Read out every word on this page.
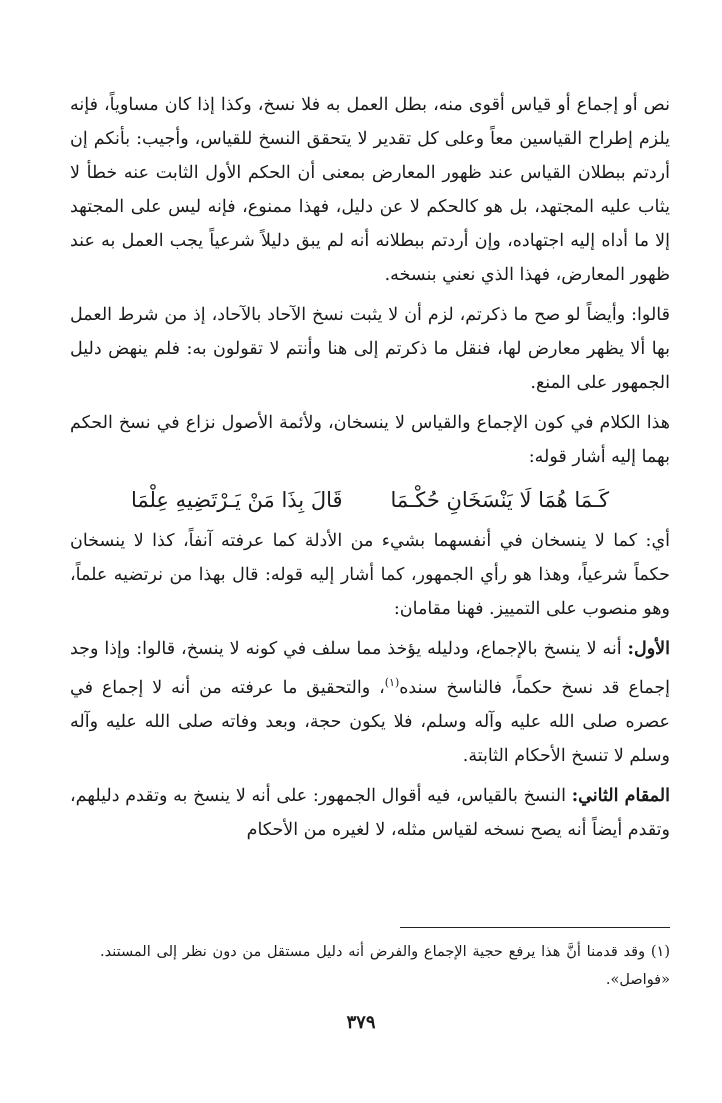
نص أو إجماع أو قياس أقوى منه، بطل العمل به فلا نسخ، وكذا إذا كان مساوياً، فإنه يلزم إطراح القياسين معاً وعلى كل تقدير لا يتحقق النسخ للقياس، وأجيب: بأنكم إن أردتم ببطلان القياس عند ظهور المعارض بمعنى أن الحكم الأول الثابت عنه خطأ لا يثاب عليه المجتهد، بل هو كالحكم لا عن دليل، فهذا ممنوع، فإنه ليس على المجتهد إلا ما أداه إليه اجتهاده، وإن أردتم ببطلانه أنه لم يبق دليلاً شرعياً يجب العمل به عند ظهور المعارض، فهذا الذي نعني بنسخه.

قالوا: وأيضاً لو صح ما ذكرتم، لزم أن لا يثبت نسخ الآحاد بالآحاد، إذ من شرط العمل بها ألا يظهر معارض لها، فنقل ما ذكرتم إلى هنا وأنتم لا تقولون به: فلم ينهض دليل الجمهور على المنع.

هذا الكلام في كون الإجماع والقياس لا ينسخان، ولأئمة الأصول نزاع في نسخ الحكم بهما إليه أشار قوله:

كَـمَا هُمَا لَا يَنْسَخَانِ حُكْـمَا
قَالَ بِذَا مَنْ يَـرْتَضِيهِ عِلْمَا

أي: كما لا ينسخان في أنفسهما بشيء من الأدلة كما عرفته آنفاً، كذا لا ينسخان حكماً شرعياً، وهذا هو رأي الجمهور، كما أشار إليه قوله: قال بهذا من نرتضيه علماً، وهو منصوب على التمييز. فهنا مقامان:

الأول: أنه لا ينسخ بالإجماع، ودليله يؤخذ مما سلف في كونه لا ينسخ، قالوا: وإذا وجد إجماع قد نسخ حكماً، فالناسخ سنده$^{(١)}$، والتحقيق ما عرفته من أنه لا إجماع في عصره صلى الله عليه وآله وسلم، فلا يكون حجة، وبعد وفاته صلى الله عليه وآله وسلم لا تنسخ الأحكام الثابتة.

المقام الثاني: النسخ بالقياس، فيه أقوال الجمهور: على أنه لا ينسخ به وتقدم دليلهم، وتقدم أيضاً أنه يصح نسخه لقياس مثله، لا لغيره من الأحكام

(١) وقد قدمنا أنَّ هذا يرفع حجية الإجماع والفرض أنه دليل مستقل من دون نظر إلى المستند. «فواصل».

٣٧٩
